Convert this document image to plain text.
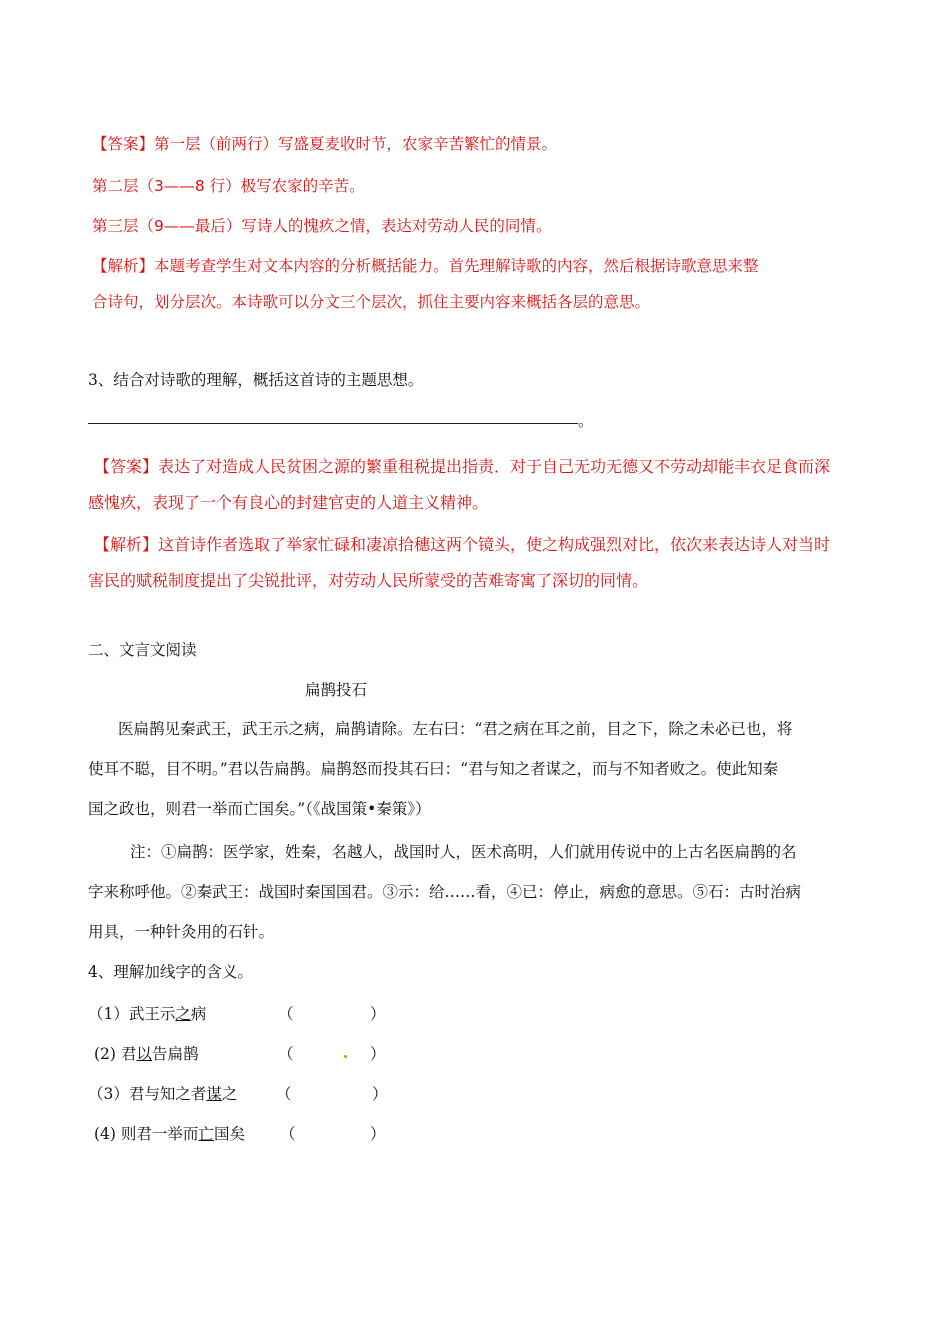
【答案】第一层（前两行）写盛夏麦收时节，农家辛苦繁忙的情景。
第二层（3——8 行）极写农家的辛苦。
第三层（9——最后）写诗人的愧疚之情，表达对劳动人民的同情。
【解析】本题考查学生对文本内容的分析概括能力。首先理解诗歌的内容，然后根据诗歌意思来整
合诗句，划分层次。本诗歌可以分文三个层次，抓住主要内容来概括各层的意思。
3、结合对诗歌的理解，概括这首诗的主题思想。
。
【答案】表达了对造成人民贫困之源的繁重租税提出指责．对于自己无功无德又不劳动却能丰衣足食而深
感愧疚，表现了一个有良心的封建官吏的人道主义精神。
【解析】这首诗作者选取了举家忙碌和凄凉拾穗这两个镜头，使之构成强烈对比，依次来表达诗人对当时
害民的赋税制度提出了尖锐批评，对劳动人民所蒙受的苦难寄寓了深切的同情。
二、文言文阅读
扁鹊投石
医扁鹊见秦武王，武王示之病，扁鹊请除。左右曰：“君之病在耳之前，目之下，除之未必已也，将
使耳不聪，目不明。”君以告扁鹊。扁鹊怒而投其石曰：“君与知之者谋之，而与不知者败之。使此知秦
国之政也，则君一举而亡国矣。”（《战国策•秦策》）
注：①扁鹊：医学家，姓秦，名越人，战国时人，医术高明，人们就用传说中的上古名医扁鹊的名
字来称呼他。②秦武王：战国时秦国国君。③示：给……看，④已：停止，病愈的意思。⑤石：古时治病
用具，一种针灸用的石针。
4、理解加线字的含义。
（1）武王示之病	（	）
(2) 君以告扁鹊	（	）
（3）君与知之者谋之 （	）
(4) 则君一举而亡国矣 （	）
